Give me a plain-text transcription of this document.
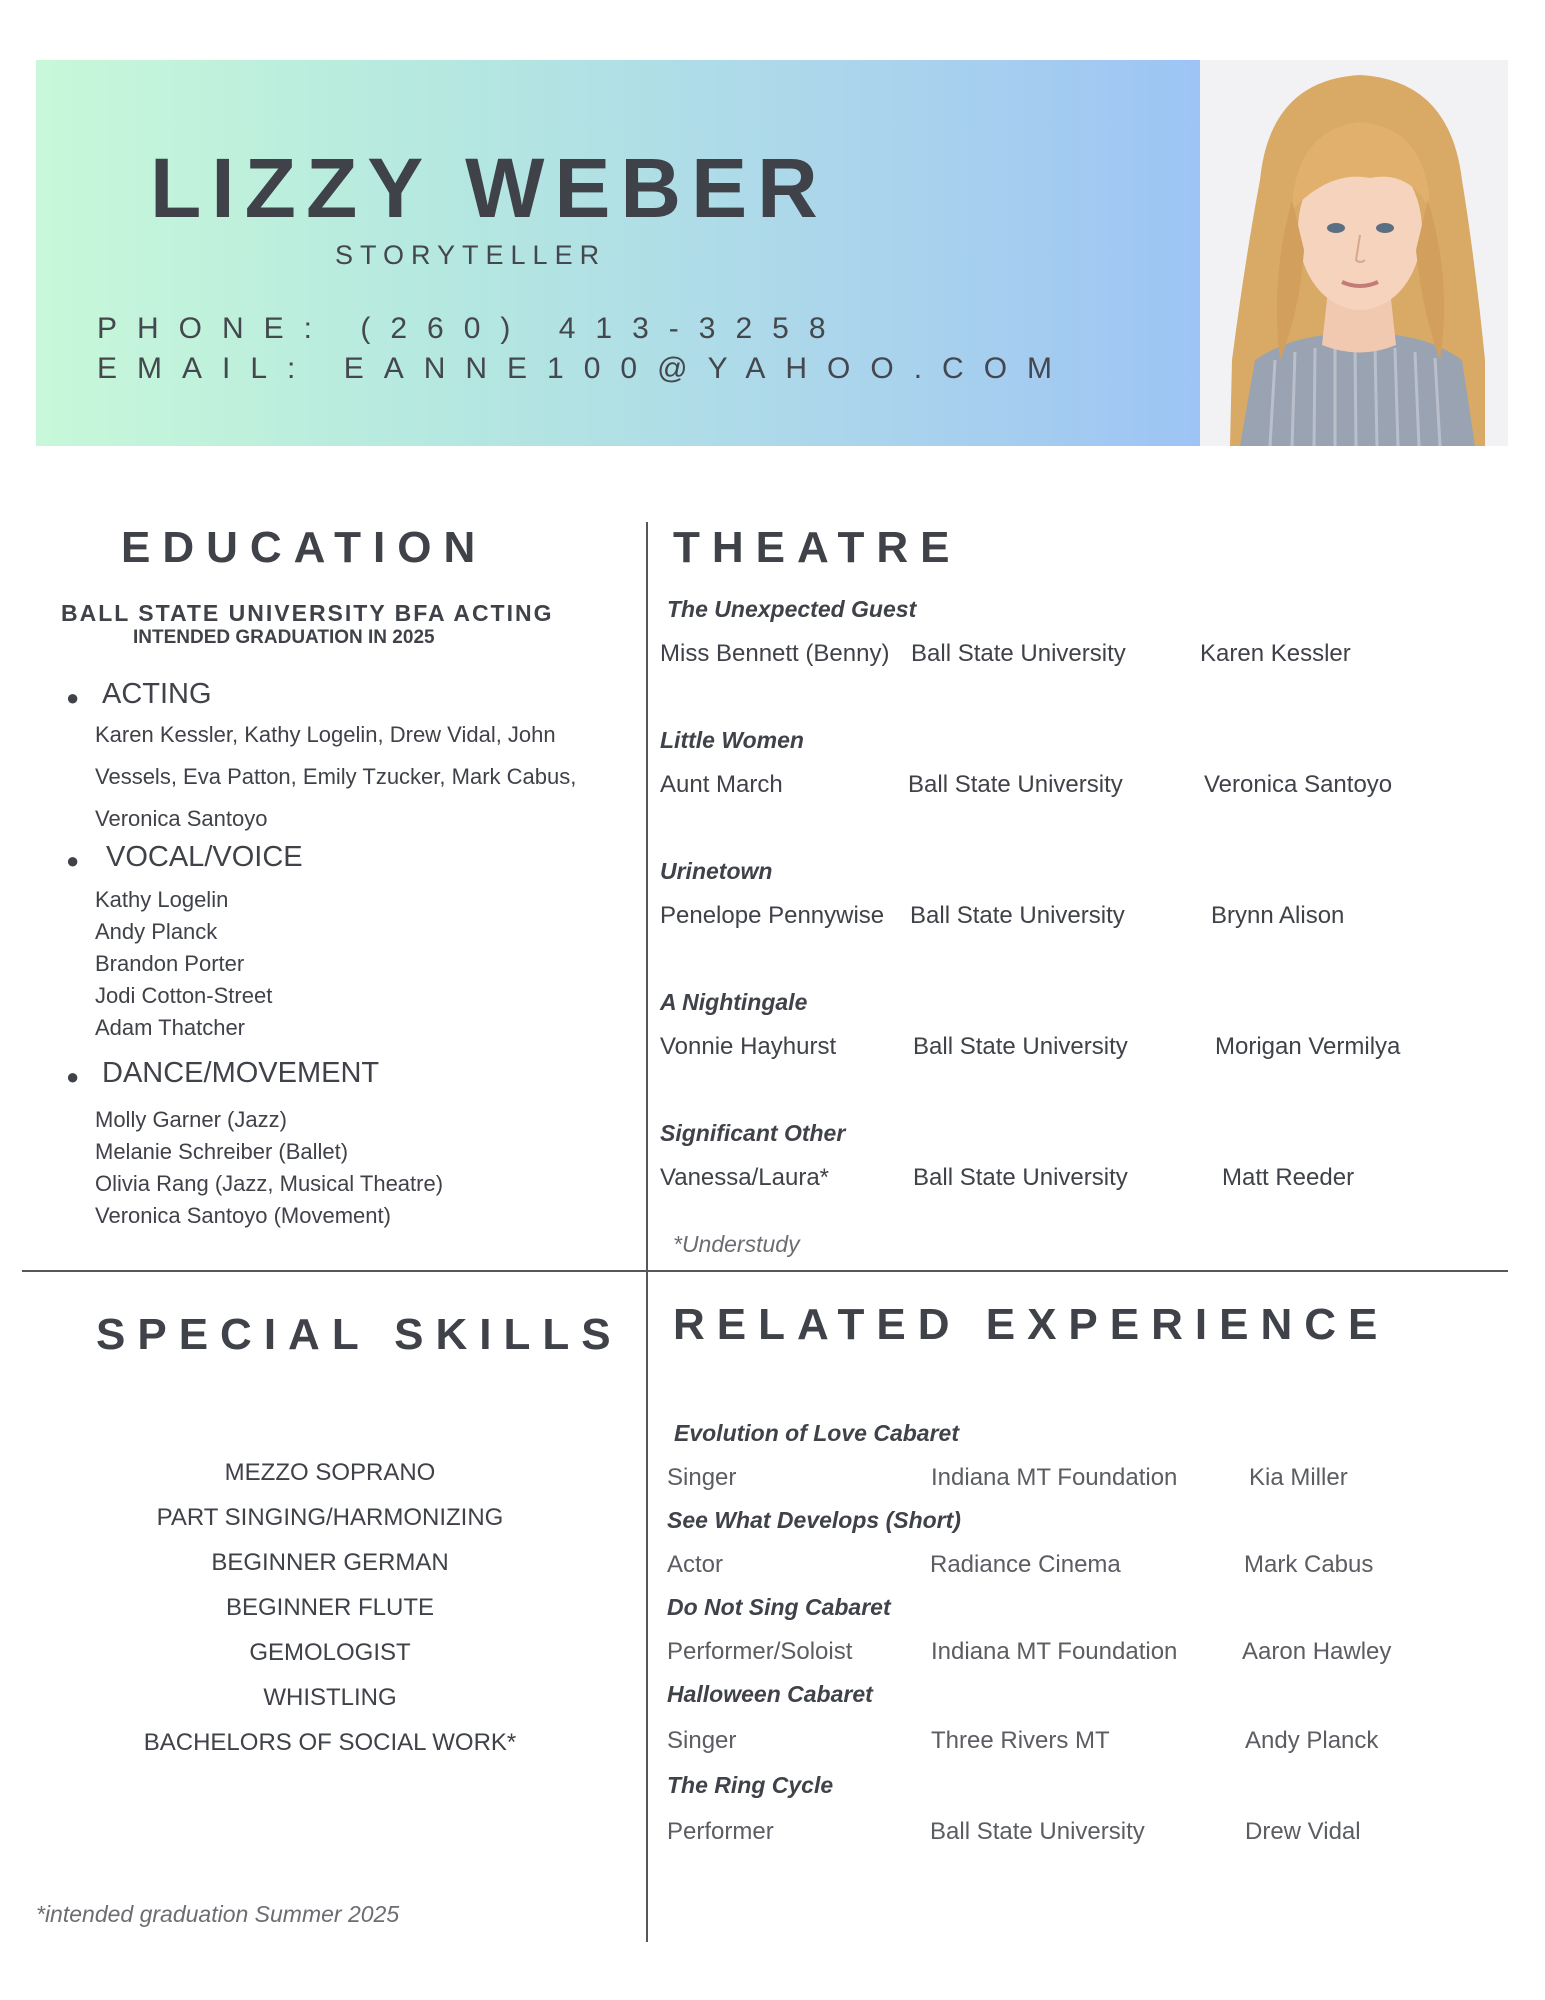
LIZZY WEBER
STORYTELLER
PHONE: (260) 413-3258
EMAIL: EANNE100@YAHOO.COM
EDUCATION
BALL STATE UNIVERSITY BFA ACTING
INTENDED GRADUATION IN 2025
● ACTING
Karen Kessler, Kathy Logelin, Drew Vidal, John Vessels, Eva Patton, Emily Tzucker, Mark Cabus, Veronica Santoyo
● VOCAL/VOICE
Kathy Logelin
Andy Planck
Brandon Porter
Jodi Cotton-Street
Adam Thatcher
● DANCE/MOVEMENT
Molly Garner (Jazz)
Melanie Schreiber (Ballet)
Olivia Rang (Jazz, Musical Theatre)
Veronica Santoyo (Movement)
THEATRE
The Unexpected Guest
Miss Bennett (Benny) Ball State University	Karen Kessler
Little Women
Aunt March	Ball State University	Veronica Santoyo
Urinetown
Penelope Pennywise Ball State University	Brynn Alison
A Nightingale
Vonnie Hayhurst	Ball State University	Morigan Vermilya
Significant Other
Vanessa/Laura*	Ball State University	Matt Reeder
*Understudy
SPECIAL SKILLS
MEZZO SOPRANO
PART SINGING/HARMONIZING
BEGINNER GERMAN
BEGINNER FLUTE
GEMOLOGIST
WHISTLING
BACHELORS OF SOCIAL WORK*
*intended graduation Summer 2025
RELATED EXPERIENCE
Evolution of Love Cabaret
Singer	Indiana MT Foundation	Kia Miller
See What Develops (Short)
Actor	Radiance Cinema	Mark Cabus
Do Not Sing Cabaret
Performer/Soloist	Indiana MT Foundation	Aaron Hawley
Halloween Cabaret
Singer	Three Rivers MT	Andy Planck
The Ring Cycle
Performer	Ball State University	Drew Vidal
